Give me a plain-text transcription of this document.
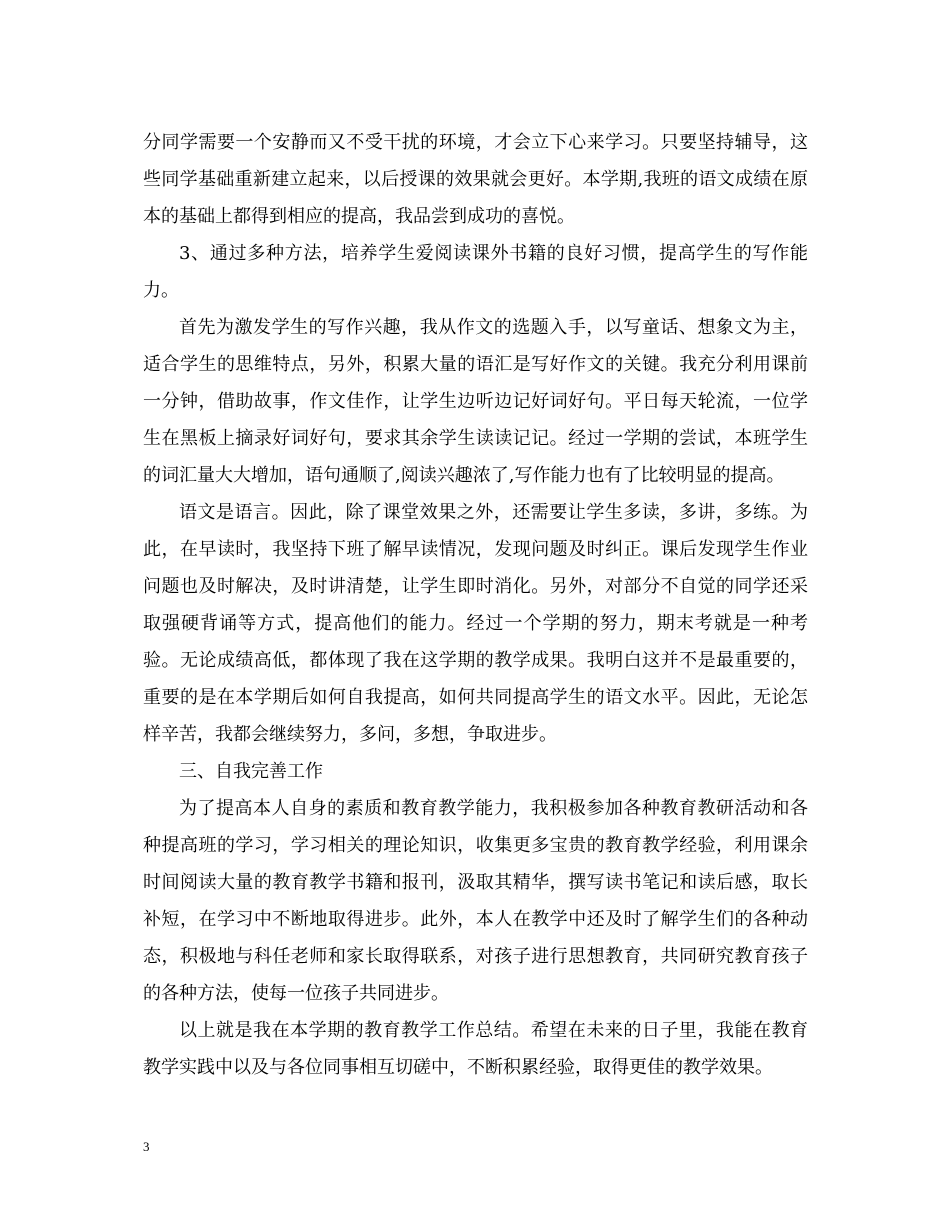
分同学需要一个安静而又不受干扰的环境，才会立下心来学习。只要坚持辅导，这些同学基础重新建立起来，以后授课的效果就会更好。本学期,我班的语文成绩在原本的基础上都得到相应的提高，我品尝到成功的喜悦。

3、通过多种方法，培养学生爱阅读课外书籍的良好习惯，提高学生的写作能力。

首先为激发学生的写作兴趣，我从作文的选题入手，以写童话、想象文为主，适合学生的思维特点，另外，积累大量的语汇是写好作文的关键。我充分利用课前一分钟，借助故事，作文佳作，让学生边听边记好词好句。平日每天轮流，一位学生在黑板上摘录好词好句，要求其余学生读读记记。经过一学期的尝试，本班学生的词汇量大大增加，语句通顺了,阅读兴趣浓了,写作能力也有了比较明显的提高。

语文是语言。因此，除了课堂效果之外，还需要让学生多读，多讲，多练。为此，在早读时，我坚持下班了解早读情况，发现问题及时纠正。课后发现学生作业问题也及时解决，及时讲清楚，让学生即时消化。另外，对部分不自觉的同学还采取强硬背诵等方式，提高他们的能力。经过一个学期的努力，期末考就是一种考验。无论成绩高低，都体现了我在这学期的教学成果。我明白这并不是最重要的，重要的是在本学期后如何自我提高，如何共同提高学生的语文水平。因此，无论怎样辛苦，我都会继续努力，多问，多想，争取进步。

三、自我完善工作

为了提高本人自身的素质和教育教学能力，我积极参加各种教育教研活动和各种提高班的学习，学习相关的理论知识，收集更多宝贵的教育教学经验，利用课余时间阅读大量的教育教学书籍和报刊，汲取其精华，撰写读书笔记和读后感，取长补短，在学习中不断地取得进步。此外，本人在教学中还及时了解学生们的各种动态，积极地与科任老师和家长取得联系，对孩子进行思想教育，共同研究教育孩子的各种方法，使每一位孩子共同进步。

以上就是我在本学期的教育教学工作总结。希望在未来的日子里，我能在教育教学实践中以及与各位同事相互切磋中，不断积累经验，取得更佳的教学效果。

3
